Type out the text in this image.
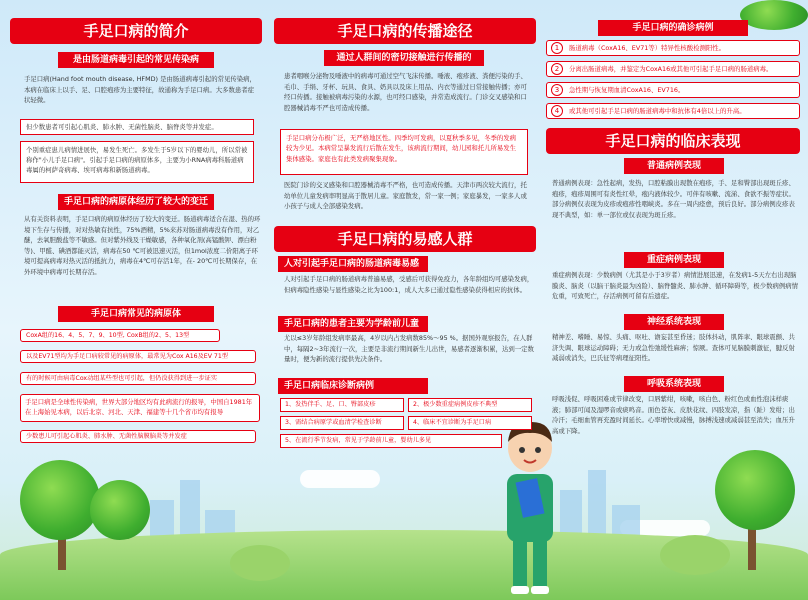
手足口病的简介
是由肠道病毒引起的常见传染病
手足口病(Hand foot mouth disease, HFMD) 是由肠道病毒引起的常见传染病，本病在临床上以手、足、口腔疱疹为主要特征，故通称为手足口病。大多数患者症状轻微。
但少数患者可引起心肌炎、肺水肿、无菌性脑炎、脑脊炎等并发症。
个别重症患儿病情进展快，易发生死亡。多发生于5岁以下的婴幼儿，所以常被称作"小儿手足口病"。引起手足口病的病原体多，主要为小RNA病毒科肠道病毒属的柯萨奇病毒、埃可病毒和新肠道病毒。
手足口病的病原体经历了较大的变迁
从有关资料表明，手足口病的病原体经历了较大的变迁。肠道病毒适合在湿、热的环境下生存与传播，对对热敏有抗性，75%酒精，5%来苏对肠道病毒没有作用，对乙醚，去氧胆酸盐等不敏感。但对紫外线及干燥敏感，各种氧化剂(高锰酸钾、漂白粉等)、甲醛、碘酒都能灭活，病毒在50 ℃可被迅速灭活，但1mol浓度二价阳离子环境可提高病毒对热灭活的抵抗力，病毒在4℃可存活1年，在- 20℃可长期保存，在外环境中病毒可长期存活。
手足口病常见的病原体
CoxA组的16、4、5、7、9、10型, CoxB组的2、5、13型
以及EV71型均为手足口病较常见的病原体，最常见为Cox A16及EV 71型
有的时候可由病毒Cox动组某些型也可引起，但仍没获得到进一步证实
手足口病是全球性传染病，世界大部分地区均有此病流行的报导，中国自1981年在上海始见本病，以后北京、河北、天津、福建等十几个省市均有报导
少数患儿可引起心肌炎、肺水肿、无菌性脑膜脑炎等并发症
手足口病的传播途径
通过人群间的密切接触进行传播的
患者咽喉分泌物及唾液中的病毒可通过空气飞沫传播。唾液、疱疹液、粪便污染的手、毛巾、手绢、牙杯、玩具、食具、奶具以及床上用品、内衣等通过日常接触传播；亦可经口传播。接触被病毒污染的水源，也可经口感染，并常造成流行。门诊交叉感染和口腔器械消毒不严也可造成传播。
手足口病分布极广泛，无严格地区性。四季均可发病，以夏秋季多见，冬季的发病较为少见。本病常呈暴发流行后散在发生，该病流行期间，幼儿园和托儿所易发生集体感染。家庭也有此类发病聚集现象。
医院门诊的交叉感染和口腔器械消毒不严格，也可造成传播。天津市两次较大流行，托幼单位儿童发病率明显高于散居儿童。家庭散发，常一家一例；家庭暴发，一家多人或小孩子与成人全部感染发病。
手足口病的易感人群
人对引起手足口病的肠道病毒易感
人对引起手足口病的肠道病毒普遍易感，受感后可获得免疫力，各年龄组均可感染发病，但病毒隐性感染与显性感染之比为100:1，成人大多已通过隐性感染获得相应的抗体。
手足口病的患者主要为学龄前儿童
尤以≤3岁年龄组发病率最高，4岁以内占发病数85%～95 %。据国外观察报告，在人群中，每隔2~3年流行一次，主要是非流行期间新生儿出世，易感者逐渐积累，达到一定数量时，便为新的流行提供先决条件。
手足口病临床诊断病例
1、发热伴手、足、口、臀部皮疹	2、极少数重症病例皮疹不典型
3、需结合病原学或血清学检查诊断	4、临床不宜诊断为手足口病
5、在流行季节发病，常见于学龄前儿童，婴幼儿多见
手足口病的确诊病例
1	肠道病毒（CoxA16、EV71等）特异性核酸检测阳性。
2	分离出肠道病毒，并鉴定为CoxA16或其他可引起手足口病的肠道病毒。
3	急性期与恢复期血清CoxA16、EV716。
4	或其他可引起手足口病的肠道病毒中和抗体有4倍以上的升高。
手足口病的临床表现
普通病例表现
普通病例表现：急性起病，发热，口腔粘膜出现散在疱疹，手、足和臀部出现斑丘疹、疱疹，疱疹周围可有炎性红晕，疱内液体较少。可伴有咳嗽、流涕、食欲不振等症状。部分病例仅表现为皮疹或疱疹性咽峡炎。多在一周内痊愈，预后良好。部分病例皮疹表现不典型，如：单一部位或仅表现为斑丘疹。
重症病例表现
重症病例表现：少数病例（尤其是小于3岁者）病情进展迅速，在发病1-5天左右出现脑膜炎、脑炎（以脑干脑炎最为凶险）、脑脊髓炎、肺水肿、循环障碍等，极少数病例病情危重，可致死亡，存活病例可留有后遗症。
神经系统表现
精神差、嗜睡、易惊、头痛、呕吐、谵妄甚至昏迷；肢体抖动，肌阵挛、眼球震颤、共济失调、眼球运动障碍；无力或急性弛缓性麻痹；惊厥。查体可见脑膜刺激征，腱反射减弱或消失，巴氏征等病理征阳性。
呼吸系统表现
呼吸浅促、呼吸困难或节律改变，口唇紫绀，咳嗽，咳白色、粉红色或血性泡沫样痰液；肺部可闻及湿啰音或痰鸣音。面色苍灰、皮肤花纹、四肢发凉，指（趾）发绀；出冷汗；毛细血管再充盈时间延长。心率增快或减慢，脉搏浅速或减弱甚至消失；血压升高或下降。
